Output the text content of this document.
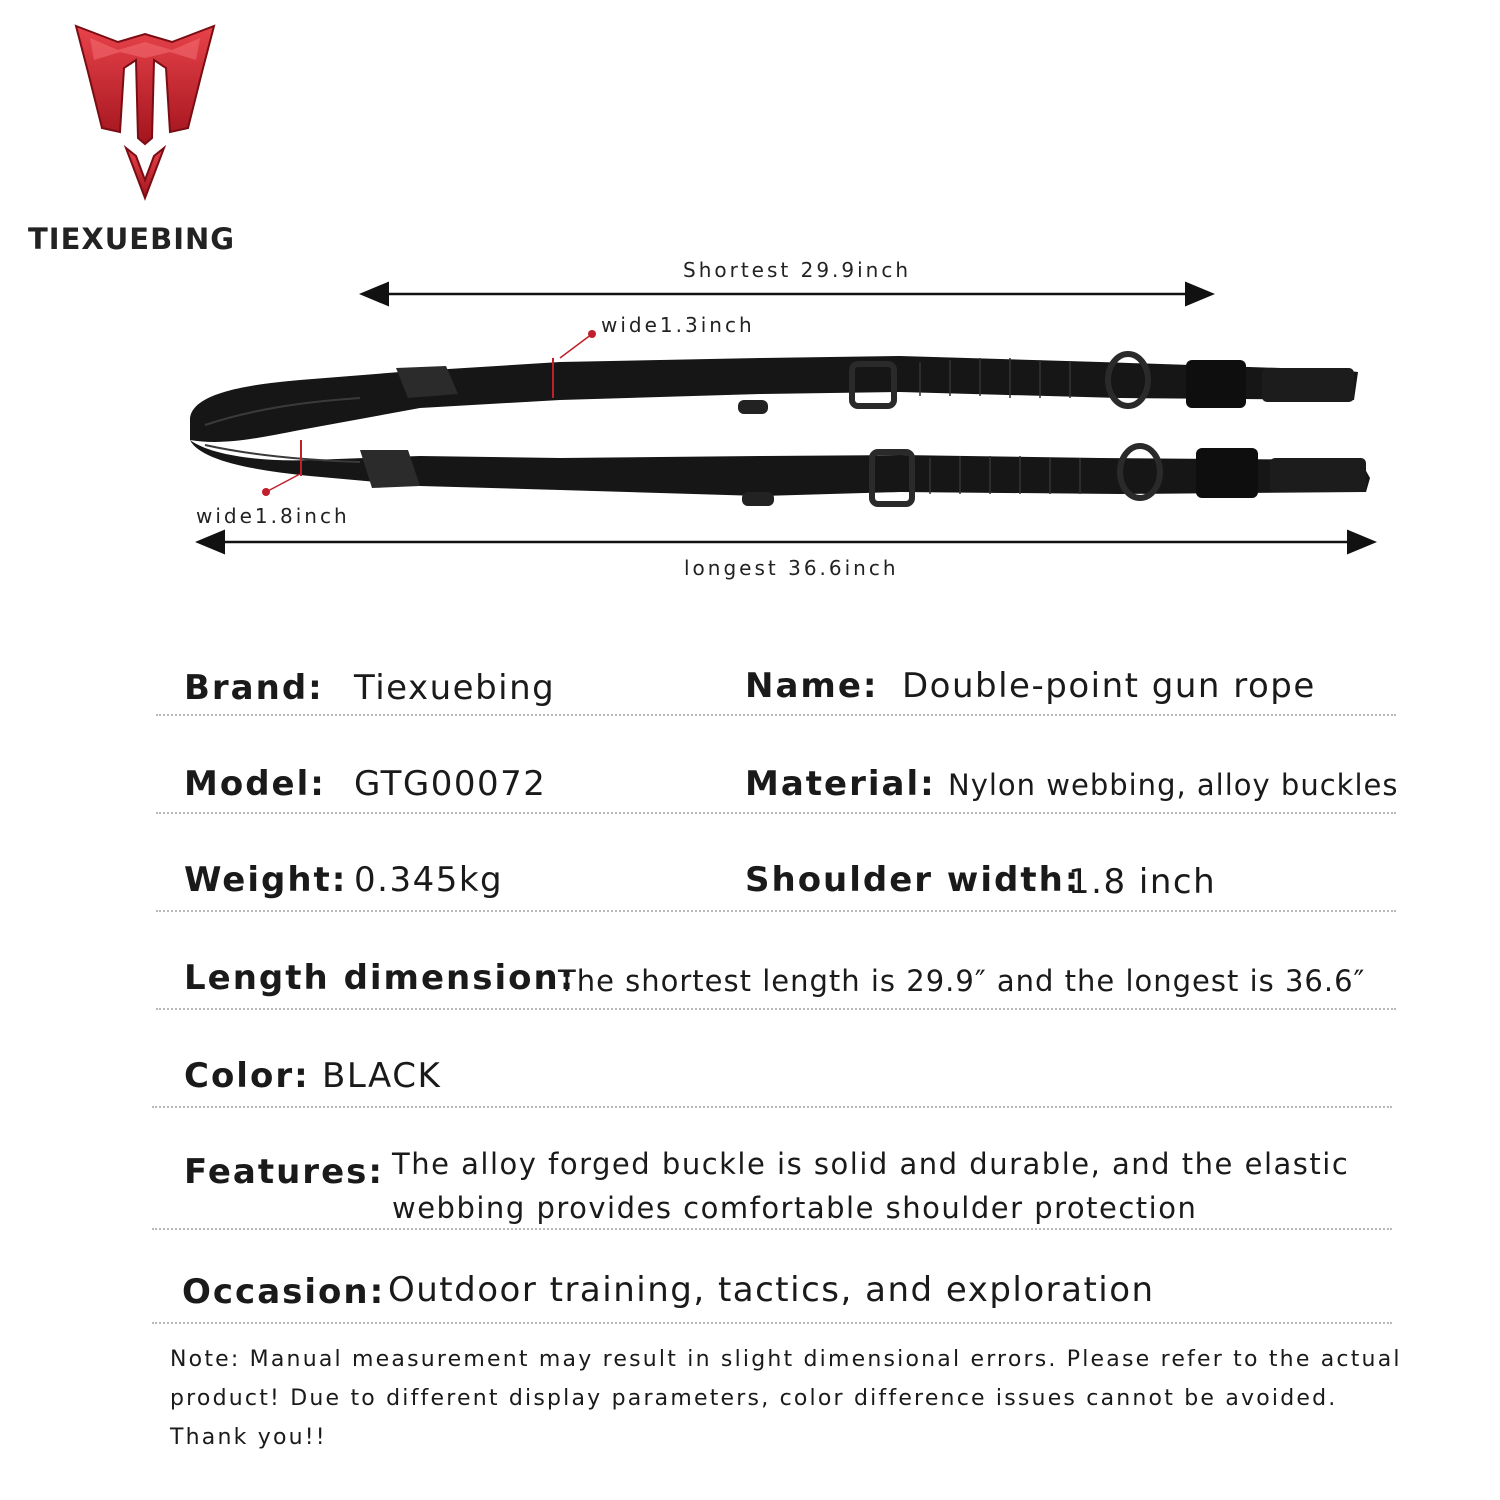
TIEXUEBING
Shortest 29.9inch
wide1.3inch
wide1.8inch
longest 36.6inch
Brand: Tiexuebing	Name: Double-point gun rope
Model: GTG00072	Material: Nylon webbing, alloy buckles
Weight: 0.345kg	Shoulder width:
1.8 inch
Length dimension:
The shortest length is 29.9″ and the longest is 36.6″
Color: BLACK
Features: The alloy forged buckle is solid and durable, and the elastic webbing provides comfortable shoulder protection
Occasion: Outdoor training, tactics, and exploration
Note: Manual measurement may result in slight dimensional errors. Please refer to the actual product! Due to different display parameters, color difference issues cannot be avoided. Thank you!!
